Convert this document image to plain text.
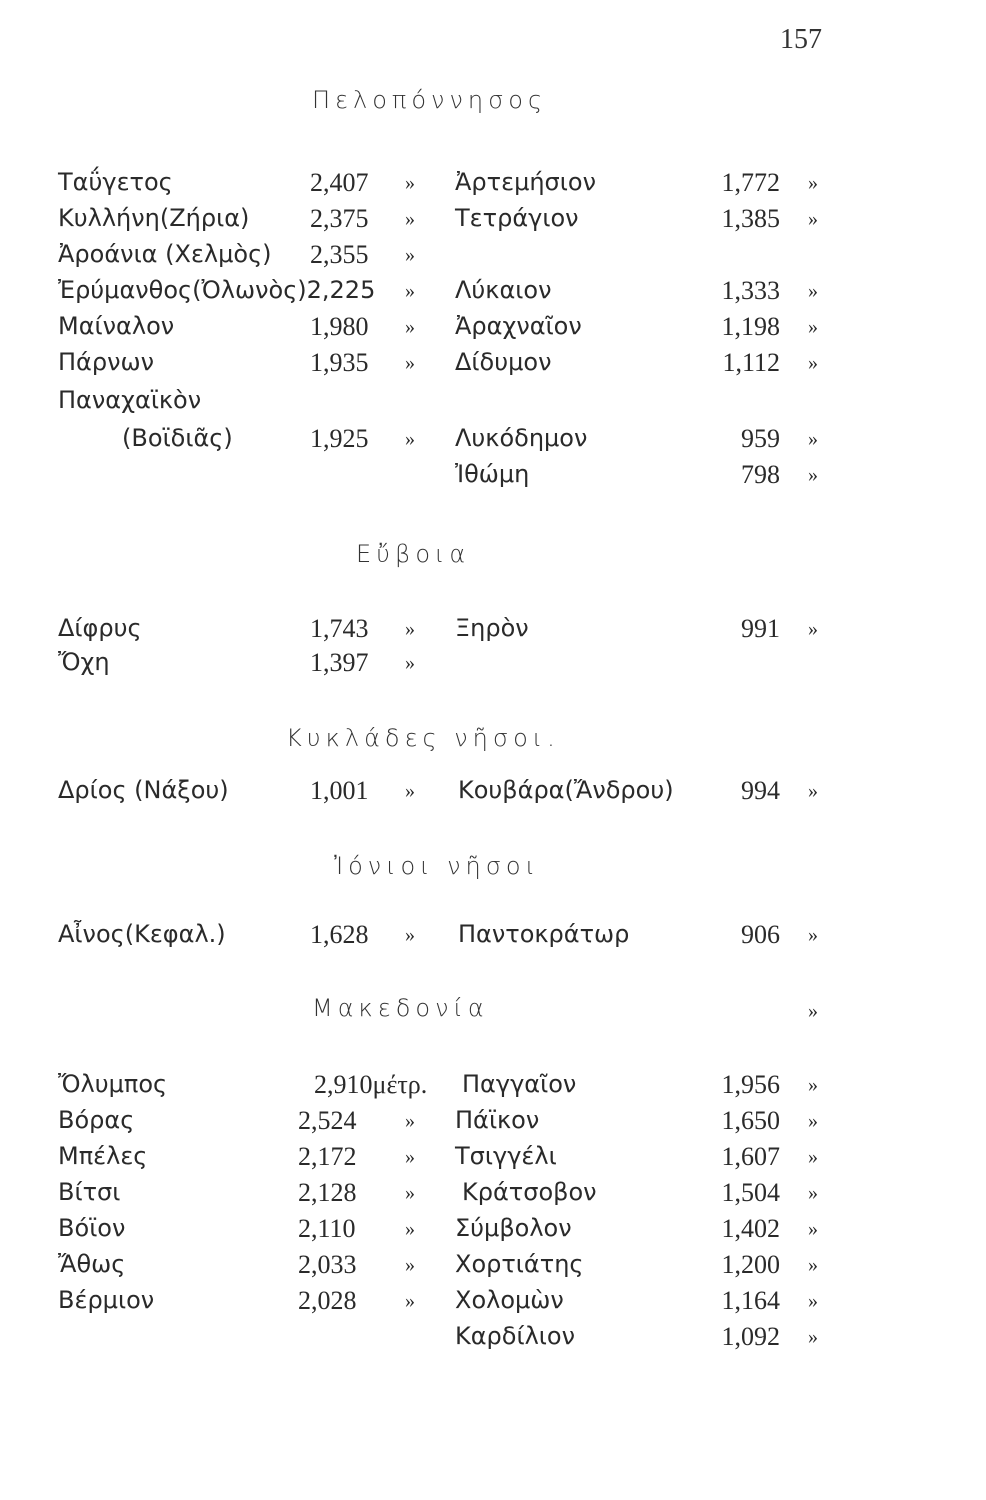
157
Πελοπόννησος
Ταΰγετος	2,407 » Ἀρτεμήσιον	1,772 »
Κυλλήνη(Ζήρια) 2,375 » Τετράγιον	1,385 »
Ἀροάνια (Χελμὸς) 2,355 »
Ἐρύμανθος(Ὀλωνὸς)2,225 » Λύκαιον	1,333 »
Μαίναλον	1,980 » Ἀραχναῖον	1,198 »
Πάρνων	1,935 » Δίδυμον	1,112 »
Παναχαϊκὸν
(Βοϊδιᾶς)	1,925 » Λυκόδημον	959 »
Ἰθώμη	798 »
Εὔβοια
Δίφρυς	1,743 » Ξηρὸν	991 »
Ὄχη	1,397 »
Κυκλάδες νῆσοι.
Δρίος (Νάξου)	1,001 » Κουβάρα(Ἄνδρου)	994 »
Ἰόνιοι νῆσοι
Αἶνος(Κεφαλ.)	1,628 » Παντοκράτωρ	906 »
Μακεδονία	»
Ὄλυμπος	2,910μέτρ. Παγγαῖον	1,956 »
Βόρας	2,524 » Πάϊκον	1,650 »
Μπέλες	2,172 » Τσιγγέλι	1,607 »
Βίτσι	2,128 » Κράτσοβον	1,504 »
Βόϊον	2,110 » Σύμβολον	1,402 »
Ἄθως	2,033 » Χορτιάτης	1,200 »
Βέρμιον	2,028 » Χολομὼν	1,164 »
Καρδίλιον	1,092 »
